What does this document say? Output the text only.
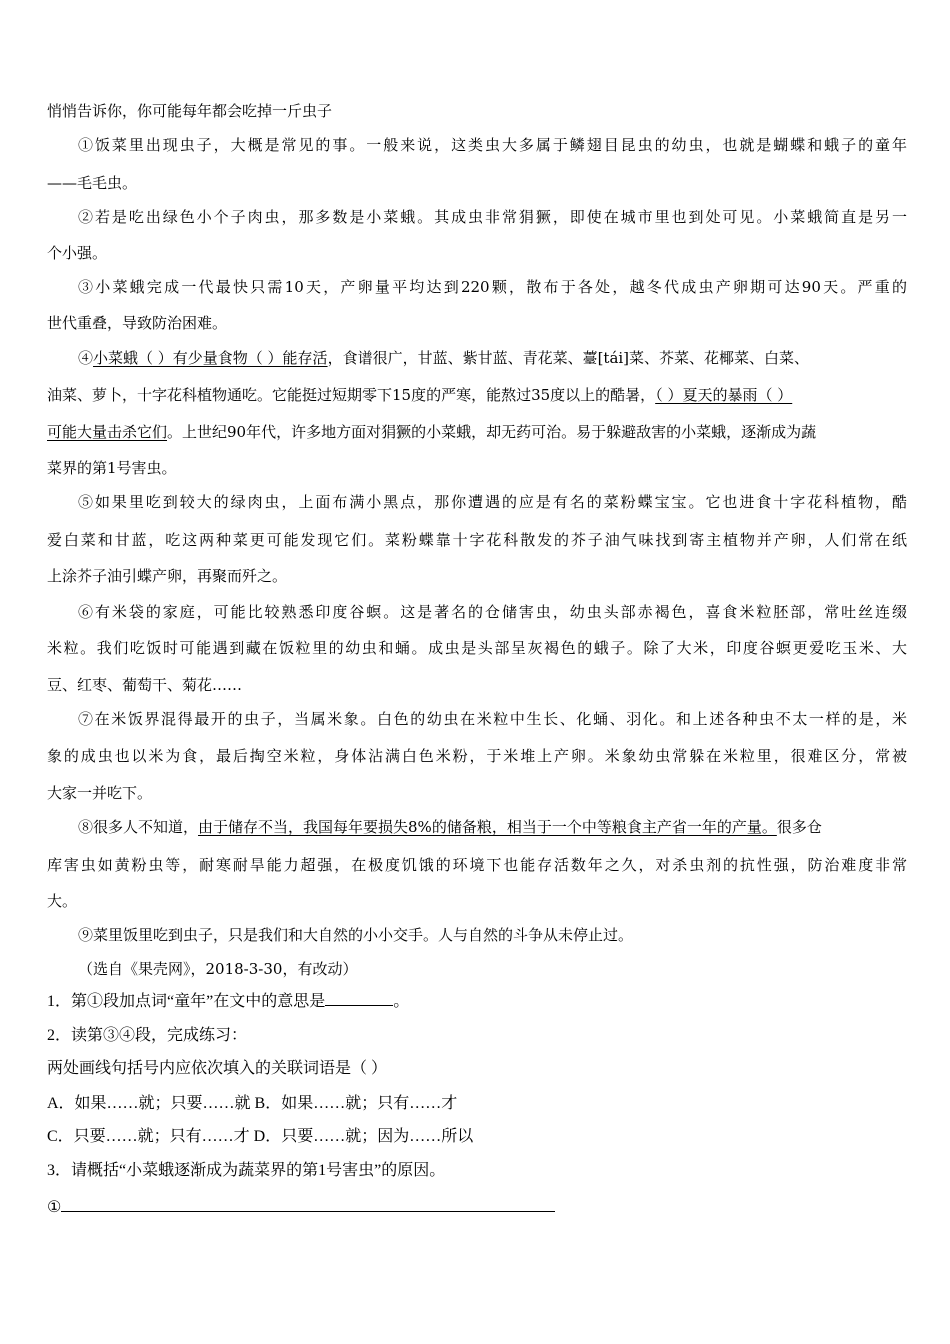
悄悄告诉你，你可能每年都会吃掉一斤虫子
①饭菜里出现虫子，大概是常见的事。一般来说，这类虫大多属于鳞翅目昆虫的幼虫，也就是蝴蝶和蛾子的童年
——毛毛虫。
②若是吃出绿色小个子肉虫，那多数是小菜蛾。其成虫非常狷獗，即使在城市里也到处可见。小菜蛾简直是另一
个小强。
③小菜蛾完成一代最快只需10天，产卵量平均达到220颗，散布于各处，越冬代成虫产卵期可达90天。严重的
世代重叠，导致防治困难。
④小菜蛾（ ）有少量食物（ ）能存活，食谱很广，甘蓝、紫甘蓝、青花菜、薹[tái]菜、芥菜、花椰菜、白菜、
油菜、萝卜，十字花科植物通吃。它能挺过短期零下15度的严寒，能熬过35度以上的酷暑，（ ）夏天的暴雨（ ）
可能大量击杀它们。上世纪90年代，许多地方面对狷獗的小菜蛾，却无药可治。易于躲避敌害的小菜蛾，逐渐成为蔬
菜界的第1号害虫。
⑤如果里吃到较大的绿肉虫，上面布满小黑点，那你遭遇的应是有名的菜粉蝶宝宝。它也进食十字花科植物，酷
爱白菜和甘蓝，吃这两种菜更可能发现它们。菜粉蝶靠十字花科散发的芥子油气味找到寄主植物并产卵，人们常在纸
上涂芥子油引蝶产卵，再聚而歼之。
⑥有米袋的家庭，可能比较熟悉印度谷螟。这是著名的仓储害虫，幼虫头部赤褐色，喜食米粒胚部，常吐丝连缀
米粒。我们吃饭时可能遇到藏在饭粒里的幼虫和蛹。成虫是头部呈灰褐色的蛾子。除了大米，印度谷螟更爱吃玉米、大
豆、红枣、葡萄干、菊花……
⑦在米饭界混得最开的虫子，当属米象。白色的幼虫在米粒中生长、化蛹、羽化。和上述各种虫不太一样的是，米
象的成虫也以米为食，最后掏空米粒，身体沾满白色米粉，于米堆上产卵。米象幼虫常躲在米粒里，很难区分，常被
大家一并吃下。
⑧很多人不知道，由于储存不当，我国每年要损失8%的储备粮，相当于一个中等粮食主产省一年的产量。很多仓
库害虫如黄粉虫等，耐寒耐旱能力超强，在极度饥饿的环境下也能存活数年之久，对杀虫剂的抗性强，防治难度非常
大。
⑨菜里饭里吃到虫子，只是我们和大自然的小小交手。人与自然的斗争从未停止过。
（选自《果壳网》，2018-3-30，有改动）
1．第①段加点词“童年”在文中的意思是	。
2．读第③④段，完成练习：
两处画线句括号内应依次填入的关联词语是（ ）
A．如果……就；只要……就 B．如果……就；只有……才
C．只要……就；只有……才 D．只要……就；因为……所以
3．请概括“小菜蛾逐渐成为蔬菜界的第1号害虫”的原因。
①
